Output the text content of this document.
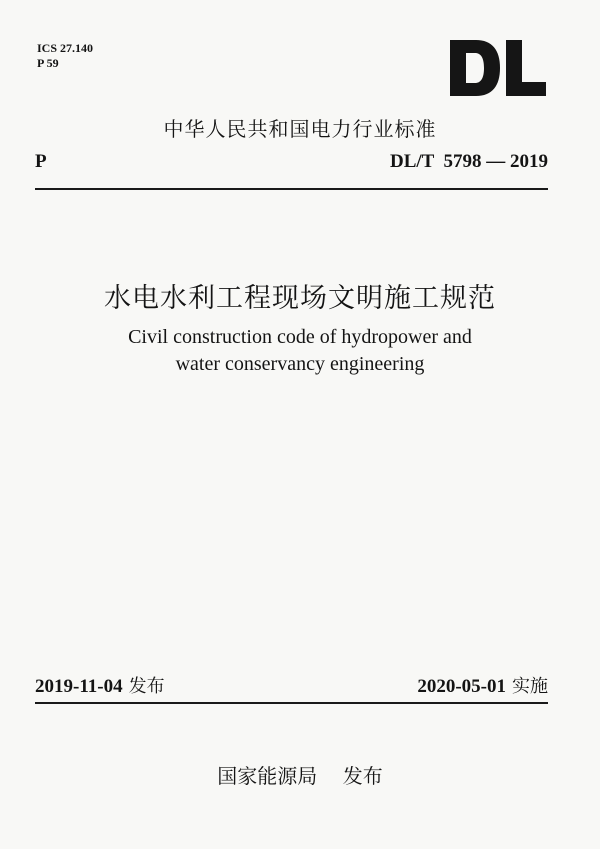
ICS 27.140
P 59
中华人民共和国电力行业标准
P	DL/T  5798 — 2019
水电水利工程现场文明施工规范
Civil construction code of hydropower and
water conservancy engineering
2019-11-04 发布	2020-05-01 实施
国家能源局 发布
